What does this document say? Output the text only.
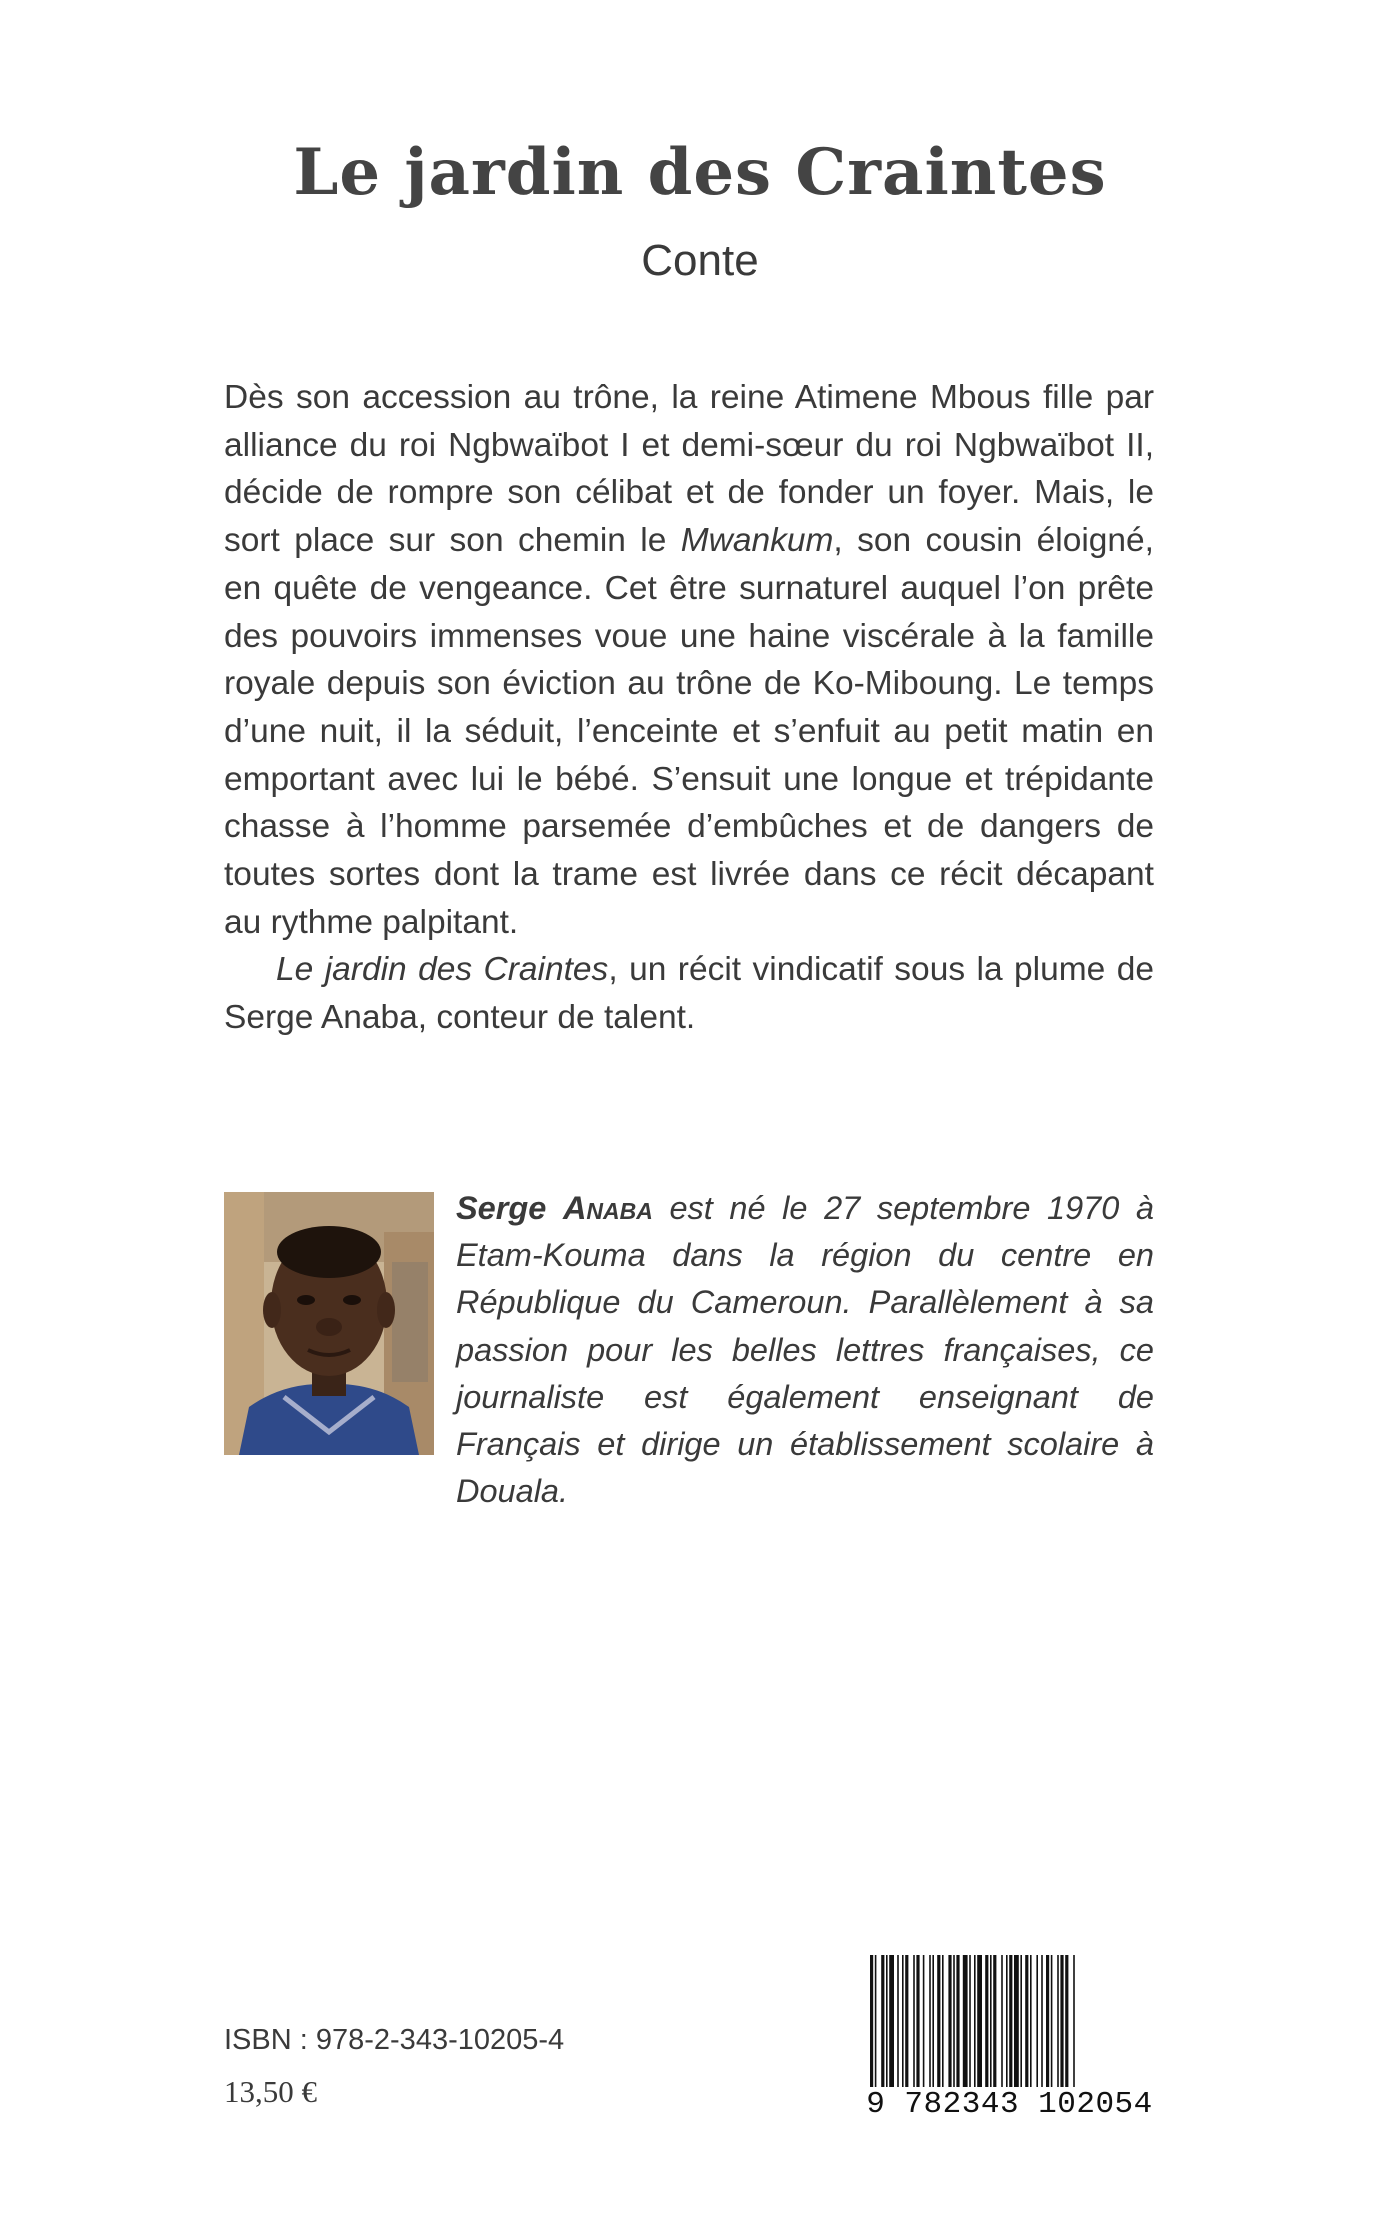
Le jardin des Craintes
Conte

Dès son accession au trône, la reine Atimene Mbous fille par alliance du roi Ngbwaïbot I et demi-sœur du roi Ngbwaïbot II, décide de rompre son célibat et de fonder un foyer. Mais, le sort place sur son chemin le Mwankum, son cousin éloigné, en quête de vengeance. Cet être surnaturel auquel l’on prête des pouvoirs immenses voue une haine viscérale à la famille royale depuis son éviction au trône de Ko-Miboung. Le temps d’une nuit, il la séduit, l’enceinte et s’enfuit au petit matin en emportant avec lui le bébé. S’ensuit une longue et trépidante chasse à l’homme parsemée d’embûches et de dangers de toutes sortes dont la trame est livrée dans ce récit décapant au rythme palpitant.

Le jardin des Craintes, un récit vindicatif sous la plume de Serge Anaba, conteur de talent.

Serge Anaba est né le 27 septembre 1970 à Etam-Kouma dans la région du centre en République du Cameroun. Parallèlement à sa passion pour les belles lettres françaises, ce journaliste est également enseignant de Français et dirige un établissement scolaire à Douala.

ISBN : 978-2-343-10205-4

13,50 €	9 782343 102054
